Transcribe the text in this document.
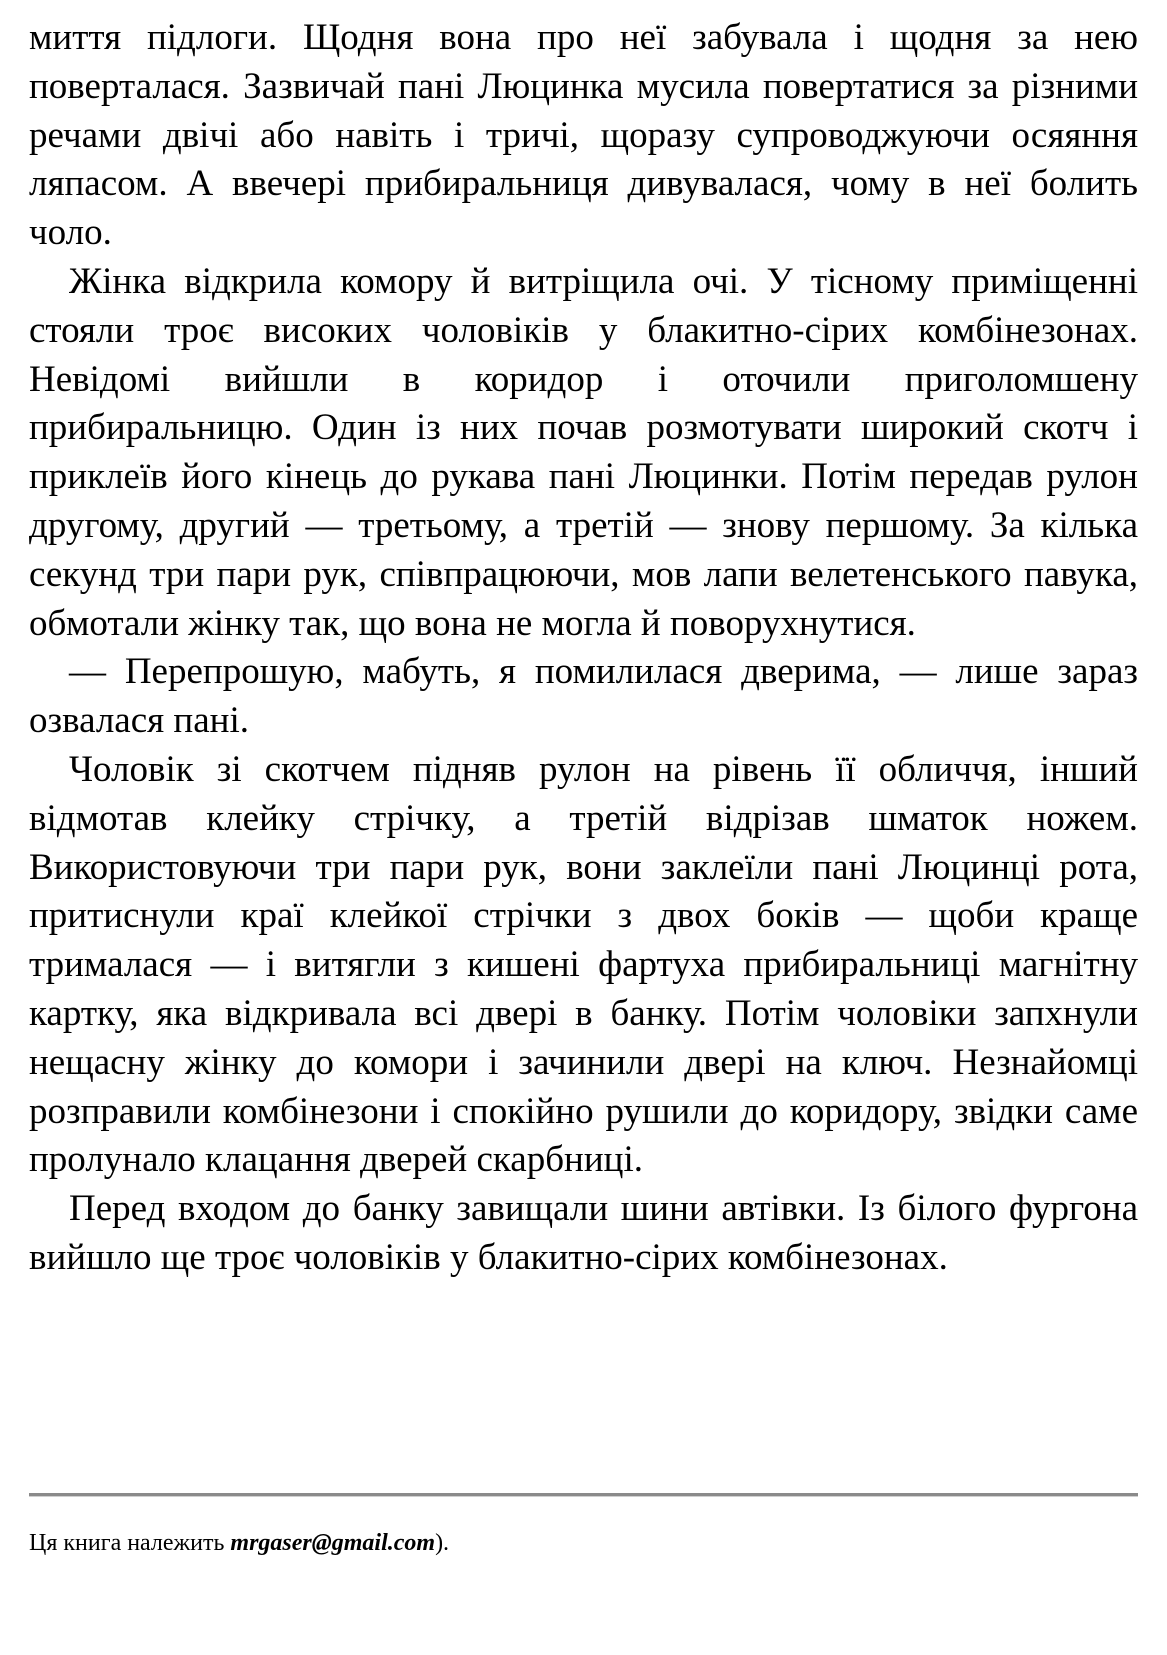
миття підлоги. Щодня вона про неї забувала і щодня за нею поверталася. Зазвичай пані Люцинка мусила повертатися за різними речами двічі або навіть і тричі, щоразу супроводжуючи осяяння ляпасом. А ввечері прибиральниця дивувалася, чому в неї болить чоло.

Жінка відкрила комору й витріщила очі. У тісному приміщенні стояли троє високих чоловіків у блакитно-сірих комбінезонах. Невідомі вийшли в коридор і оточили приголомшену прибиральницю. Один із них почав розмотувати широкий скотч і приклеїв його кінець до рукава пані Люцинки. Потім передав рулон другому, другий — третьому, а третій — знову першому. За кілька секунд три пари рук, співпрацюючи, мов лапи велетенського павука, обмотали жінку так, що вона не могла й поворухнутися.

— Перепрошую, мабуть, я помилилася дверима, — лише зараз озвалася пані.

Чоловік зі скотчем підняв рулон на рівень її обличчя, інший відмотав клейку стрічку, а третій відрізав шматок ножем. Використовуючи три пари рук, вони заклеїли пані Люцинці рота, притиснули краї клейкої стрічки з двох боків — щоби краще трималася — і витягли з кишені фартуха прибиральниці магнітну картку, яка відкривала всі двері в банку. Потім чоловіки запхнули нещасну жінку до комори і зачинили двері на ключ. Незнайомці розправили комбінезони і спокійно рушили до коридору, звідки саме пролунало клацання дверей скарбниці.

Перед входом до банку завищали шини автівки. Із білого фургона вийшло ще троє чоловіків у блакитно-сірих комбінезонах.

Ця книга належить mrgaser@gmail.com).
